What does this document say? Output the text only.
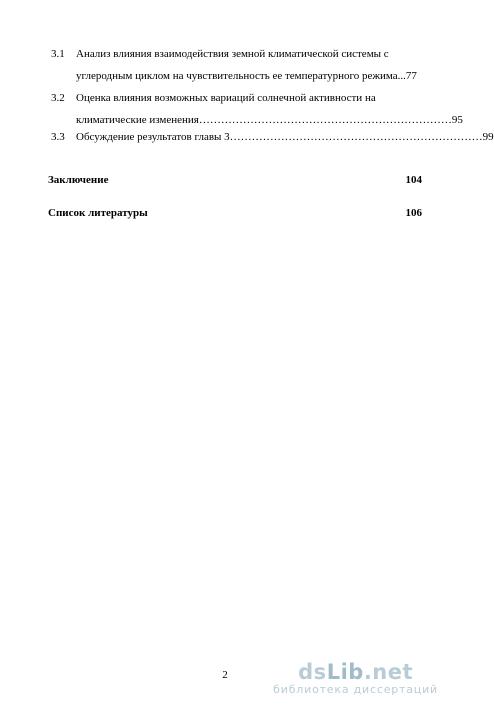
3.1 Анализ влияния взаимодействия земной климатической системы с
углеродным циклом на чувствительность ее температурного режима...77
3.2 Оценка влияния возможных вариаций солнечной активности на
климатические изменения …………………………………………………………… 95
3.3 Обсуждение результатов главы 3 …………………………………………………………… 99
Заключение	104
Список литературы	106
2	dsLib.net
библиотека диссертаций
